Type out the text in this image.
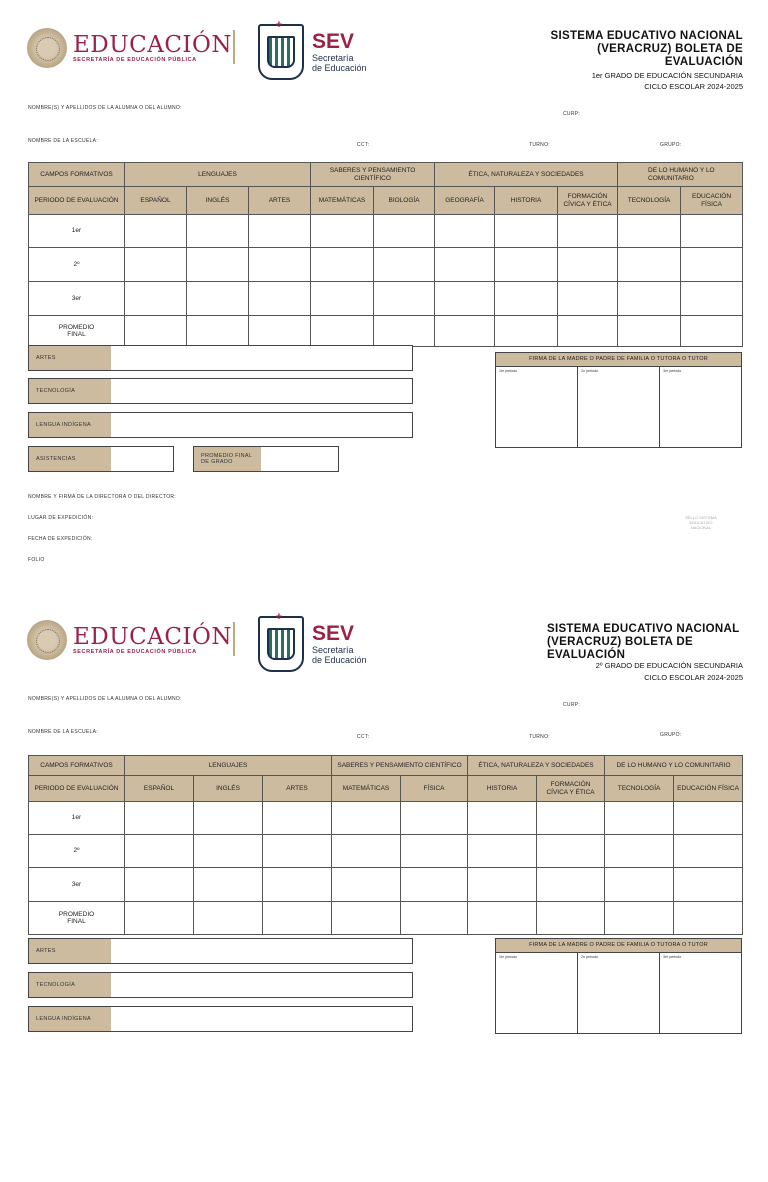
EDUCACIÓN
SECRETARÍA DE EDUCACIÓN PÚBLICA
+
SEV
Secretaría
de Educación
SISTEMA EDUCATIVO NACIONAL (VERACRUZ) BOLETA DE EVALUACIÓN
1er GRADO DE EDUCACIÓN SECUNDARIA
CICLO ESCOLAR 2024-2025
NOMBRE(S) Y APELLIDOS DE LA ALUMNA O DEL ALUMNO:
CURP:
NOMBRE DE LA ESCUELA:
CCT:	TURNO:	GRUPO:
CAMPOS FORMATIVOS	LENGUAJES			SABERES Y PENSAMIENTO CIENTÍFICO		ÉTICA, NATURALEZA Y SOCIEDADES			DE LO HUMANO Y LO COMUNITARIO	
PERIODO DE EVALUACIÓN	ESPAÑOL	INGLÉS	ARTES	MATEMÁTICAS	BIOLOGÍA	GEOGRAFÍA	HISTORIA	FORMACIÓN CÍVICA Y ÉTICA	TECNOLOGÍA	EDUCACIÓN FÍSICA
1er										
2º										
3er										
PROMEDIO FINAL										
ARTES
TECNOLOGÍA
LENGUA INDÍGENA
ASISTENCIAS	PROMEDIO FINAL DE GRADO
FIRMA DE LA MADRE O PADRE DE FAMILIA O TUTORA O TUTOR
1er periodo	2o periodo	3er periodo
NOMBRE Y FIRMA DE LA DIRECTORA O DEL DIRECTOR:
LUGAR DE EXPEDICIÓN:
FECHA DE EXPEDICIÓN:
FOLIO
SELLO SISTEMA EDUCATIVO NACIONAL
EDUCACIÓN
SECRETARÍA DE EDUCACIÓN PÚBLICA
+
SEV
Secretaría
de Educación
SISTEMA EDUCATIVO NACIONAL (VERACRUZ) BOLETA DE EVALUACIÓN
2º GRADO DE EDUCACIÓN SECUNDARIA
CICLO ESCOLAR 2024-2025
NOMBRE(S) Y APELLIDOS DE LA ALUMNA O DEL ALUMNO:
CURP:
NOMBRE DE LA ESCUELA:
CCT:	TURNO:	GRUPO:
CAMPOS FORMATIVOS	LENGUAJES			SABERES Y PENSAMIENTO CIENTÍFICO		ÉTICA, NATURALEZA Y SOCIEDADES		DE LO HUMANO Y LO COMUNITARIO	
PERIODO DE EVALUACIÓN	ESPAÑOL	INGLÉS	ARTES	MATEMÁTICAS	FÍSICA	HISTORIA	FORMACIÓN CÍVICA Y ÉTICA	TECNOLOGÍA	EDUCACIÓN FÍSICA
1er									
2º									
3er									
PROMEDIO FINAL									
ARTES
TECNOLOGÍA
LENGUA INDÍGENA
FIRMA DE LA MADRE O PADRE DE FAMILIA O TUTORA O TUTOR
1er periodo	2o periodo	3er periodo
